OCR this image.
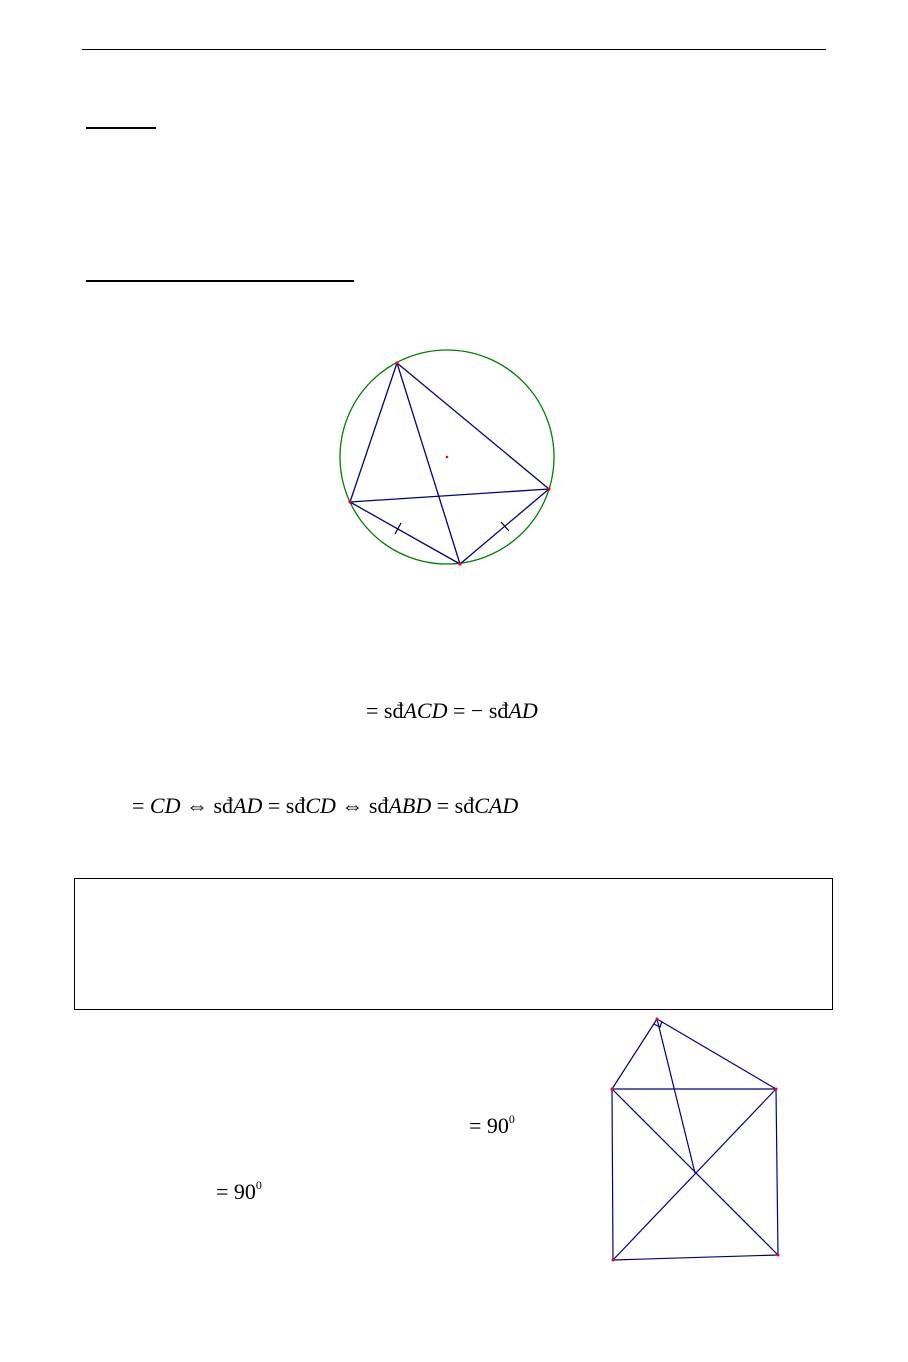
= sđACD = − sđAD
= CD ⇔ sđAD = sđCD ⇔ sđABD = sđCAD
= $90^0$
= $90^0$
